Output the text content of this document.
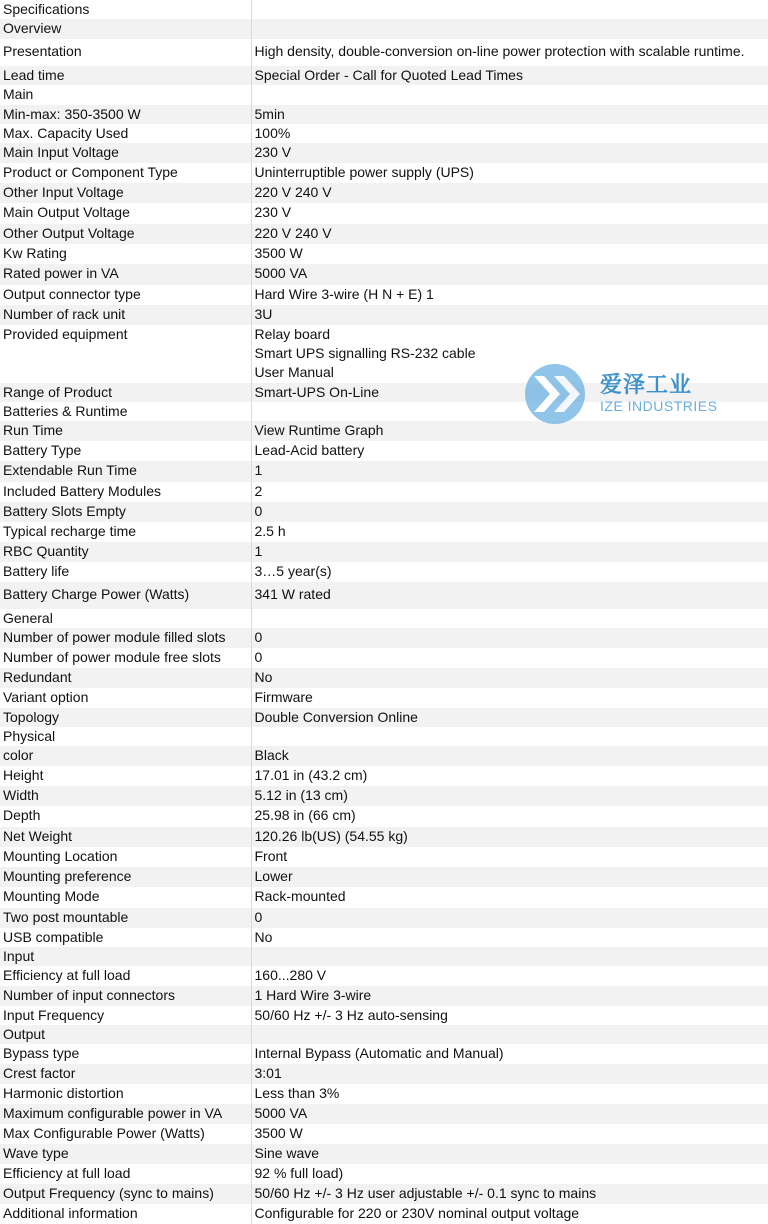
Specifications	
Overview	
Presentation	High density, double-conversion on-line power protection with scalable runtime.
Lead time	Special Order - Call for Quoted Lead Times
Main	
Min-max: 350-3500 W	5min
Max. Capacity Used	100%
Main Input Voltage	230 V
Product or Component Type	Uninterruptible power supply (UPS)
Other Input Voltage	220 V 240 V
Main Output Voltage	230 V
Other Output Voltage	220 V 240 V
Kw Rating	3500 W
Rated power in VA	5000 VA
Output connector type	Hard Wire 3-wire (H N + E) 1
Number of rack unit	3U
Provided equipment	Relay board
Smart UPS signalling RS-232 cable
User Manual

Range of Product	Smart-UPS On-Line
Batteries & Runtime	
Run Time	View Runtime Graph
Battery Type	Lead-Acid battery
Extendable Run Time	1
Included Battery Modules	2
Battery Slots Empty	0
Typical recharge time	2.5 h
RBC Quantity	1
Battery life	3…5 year(s)
Battery Charge Power (Watts)	341 W rated
General	
Number of power module filled slots	0
Number of power module free slots	0
Redundant	No
Variant option	Firmware
Topology	Double Conversion Online
Physical	
color	Black
Height	17.01 in (43.2 cm)
Width	5.12 in (13 cm)
Depth	25.98 in (66 cm)
Net Weight	120.26 lb(US) (54.55 kg)
Mounting Location	Front
Mounting preference	Lower
Mounting Mode	Rack-mounted
Two post mountable	0
USB compatible	No
Input	
Efficiency at full load	160...280 V
Number of input connectors	1 Hard Wire 3-wire
Input Frequency	50/60 Hz +/- 3 Hz auto-sensing
Output	
Bypass type	Internal Bypass (Automatic and Manual)
Crest factor	3:01
Harmonic distortion	Less than 3%
Maximum configurable power in VA	5000 VA
Max Configurable Power (Watts)	3500 W
Wave type	Sine wave
Efficiency at full load	92 % full load)
Output Frequency (sync to mains)	50/60 Hz +/- 3 Hz user adjustable +/- 0.1 sync to mains
Additional information	Configurable for 220 or 230V nominal output voltage
爱泽工业
IZE INDUSTRIES
